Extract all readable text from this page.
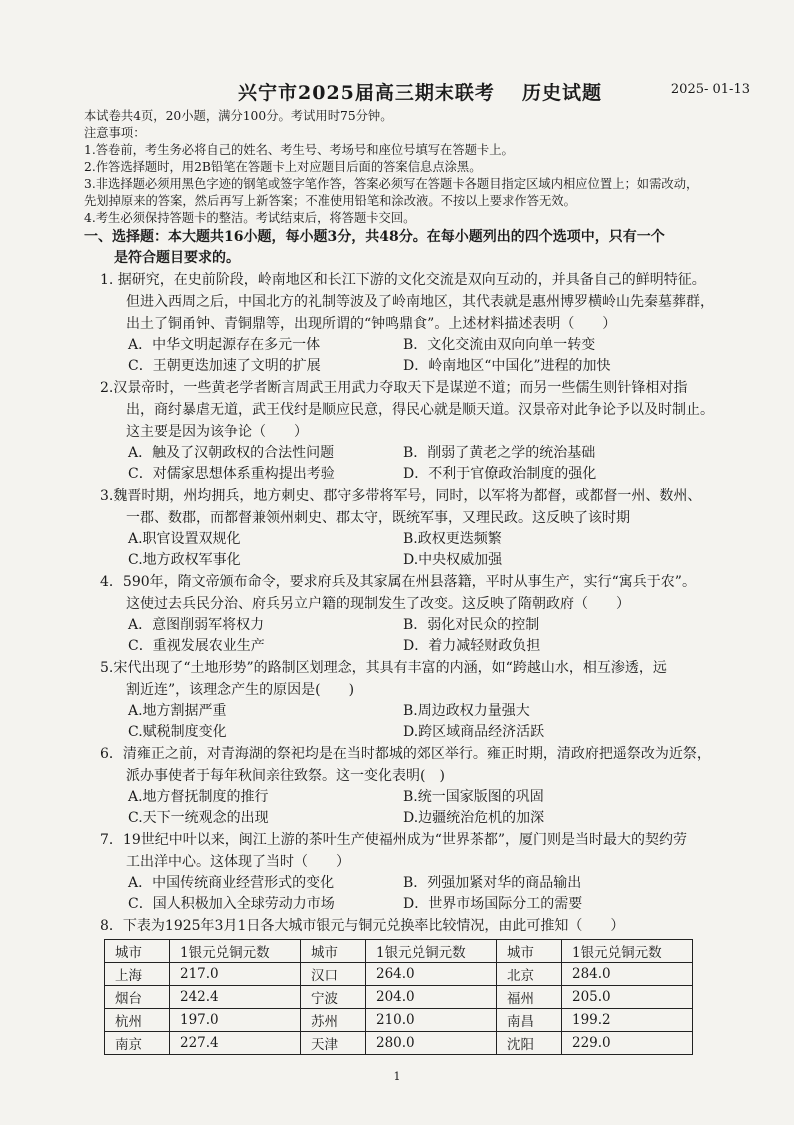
兴宁市2025届高三期末联考 历史试题	2025- 01-13
本试卷共4页，20小题，满分100分。考试用时75分钟。
注意事项：
1.答卷前，考生务必将自己的姓名、考生号、考场号和座位号填写在答题卡上。
2.作答选择题时，用2B铅笔在答题卡上对应题目后面的答案信息点涂黑。
3.非选择题必须用黑色字迹的钢笔或签字笔作答，答案必须写在答题卡各题目指定区域内相应位置上；如需改动，
先划掉原来的答案，然后再写上新答案；不准使用铅笔和涂改液。不按以上要求作答无效。
4.考生必须保持答题卡的整洁。考试结束后，将答题卡交回。
一、选择题：本大题共16小题，每小题3分，共48分。在每小题列出的四个选项中，只有一个
是符合题目要求的。
1. 据研究，在史前阶段，岭南地区和长江下游的文化交流是双向互动的，并具备自己的鲜明特征。
但进入西周之后，中国北方的礼制等波及了岭南地区，其代表就是惠州博罗横岭山先秦墓葬群，
出土了铜甬钟、青铜鼎等，出现所谓的“钟鸣鼎食”。上述材料描述表明（　　）
A．中华文明起源存在多元一体	B．文化交流由双向向单一转变
C．王朝更迭加速了文明的扩展	D．岭南地区“中国化”进程的加快
2.汉景帝时，一些黄老学者断言周武王用武力夺取天下是谋逆不道；而另一些儒生则针锋相对指
出，商纣暴虐无道，武王伐纣是顺应民意，得民心就是顺天道。汉景帝对此争论予以及时制止。
这主要是因为该争论（　　）
A．触及了汉朝政权的合法性问题	B．削弱了黄老之学的统治基础
C．对儒家思想体系重构提出考验	D．不利于官僚政治制度的强化
3.魏晋时期，州均拥兵，地方刺史、郡守多带将军号，同时，以军将为都督，或都督一州、数州、
一郡、数郡，而都督兼领州刺史、郡太守，既统军事，又理民政。这反映了该时期
A.职官设置双规化	B.政权更迭频繁
C.地方政权军事化	D.中央权威加强
4．590年，隋文帝颁布命令，要求府兵及其家属在州县落籍，平时从事生产，实行“寓兵于农”。
这使过去兵民分治、府兵另立户籍的现制发生了改变。这反映了隋朝政府（　　）
A．意图削弱军将权力	B．弱化对民众的控制
C．重视发展农业生产	D．着力减轻财政负担
5.宋代出现了“土地形势”的路制区划理念，其具有丰富的内涵，如“跨越山水，相互渗透，远
割近连”，该理念产生的原因是(　　)
A.地方割据严重	B.周边政权力量强大
C.赋税制度变化	D.跨区域商品经济活跃
6．清雍正之前，对青海湖的祭祀均是在当时都城的郊区举行。雍正时期，清政府把遥祭改为近祭，
派办事使者于每年秋间亲往致祭。这一变化表明(　)
A.地方督抚制度的推行	B.统一国家版图的巩固
C.天下一统观念的出现	D.边疆统治危机的加深
7．19世纪中叶以来，闽江上游的茶叶生产使福州成为“世界茶都”，厦门则是当时最大的契约劳
工出洋中心。这体现了当时（　　）
A．中国传统商业经营形式的变化	B．列强加紧对华的商品输出
C．国人积极加入全球劳动力市场	D．世界市场国际分工的需要
8．下表为1925年3月1日各大城市银元与铜元兑换率比较情况，由此可推知（　　）
城市	1银元兑铜元数	城市	1银元兑铜元数	城市	1银元兑铜元数
上海	217.0	汉口	264.0	北京	284.0
烟台	242.4	宁波	204.0	福州	205.0
杭州	197.0	苏州	210.0	南昌	199.2
南京	227.4	天津	280.0	沈阳	229.0
1
